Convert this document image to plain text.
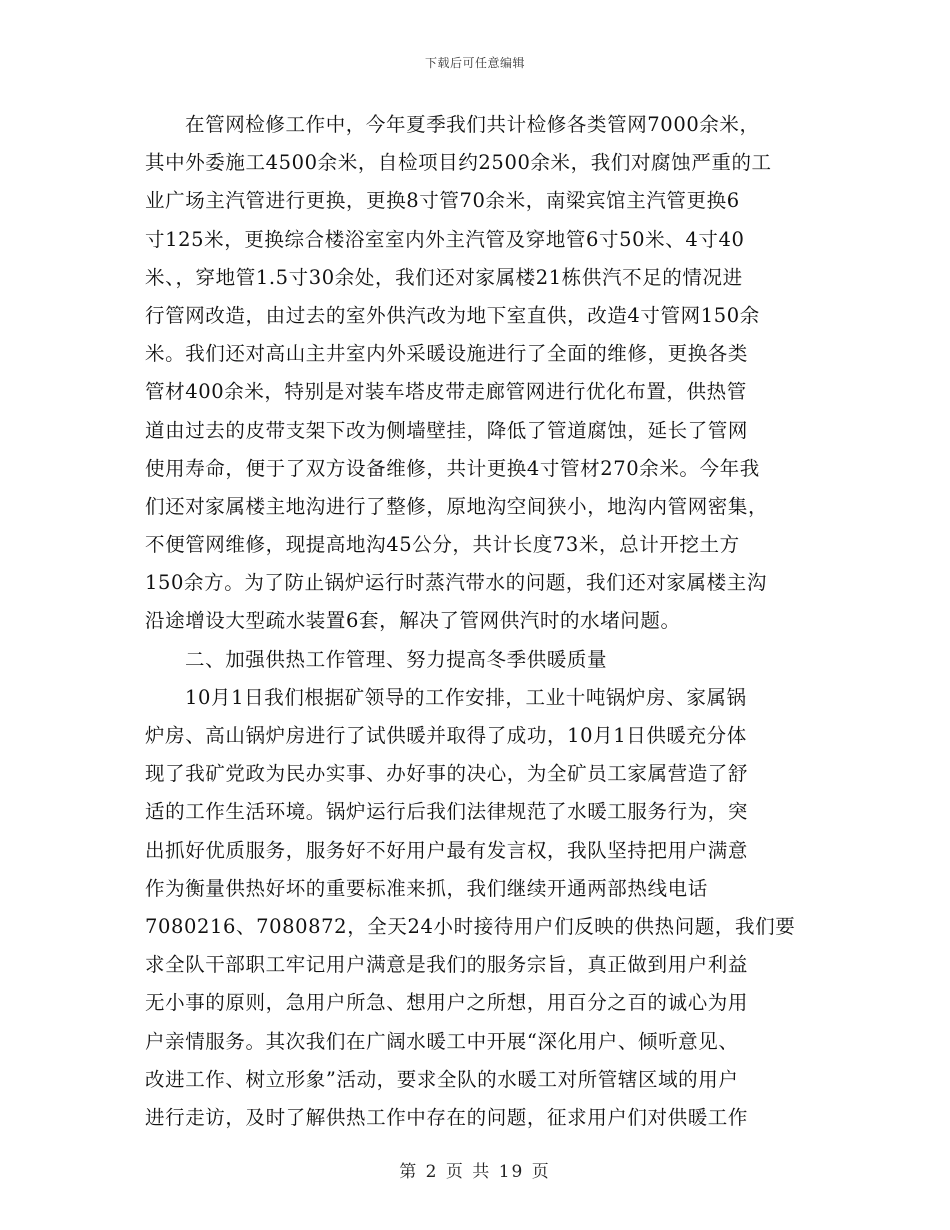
下载后可任意编辑
在管网检修工作中，今年夏季我们共计检修各类管网7000余米，
其中外委施工4500余米，自检项目约2500余米，我们对腐蚀严重的工
业广场主汽管进行更换，更换8寸管70余米，南梁宾馆主汽管更换6
寸125米，更换综合楼浴室室内外主汽管及穿地管6寸50米、4寸40
米、，穿地管1.5寸30余处，我们还对家属楼21栋供汽不足的情况进
行管网改造，由过去的室外供汽改为地下室直供，改造4寸管网150余
米。我们还对高山主井室内外采暖设施进行了全面的维修，更换各类
管材400余米，特别是对装车塔皮带走廊管网进行优化布置，供热管
道由过去的皮带支架下改为侧墙壁挂，降低了管道腐蚀，延长了管网
使用寿命，便于了双方设备维修，共计更换4寸管材270余米。今年我
们还对家属楼主地沟进行了整修，原地沟空间狭小，地沟内管网密集，
不便管网维修，现提高地沟45公分，共计长度73米，总计开挖土方
150余方。为了防止锅炉运行时蒸汽带水的问题，我们还对家属楼主沟
沿途增设大型疏水装置6套，解决了管网供汽时的水堵问题。
二、加强供热工作管理、努力提高冬季供暖质量
10月1日我们根据矿领导的工作安排，工业十吨锅炉房、家属锅
炉房、高山锅炉房进行了试供暖并取得了成功，10月1日供暖充分体
现了我矿党政为民办实事、办好事的决心，为全矿员工家属营造了舒
适的工作生活环境。锅炉运行后我们法律规范了水暖工服务行为，突
出抓好优质服务，服务好不好用户最有发言权，我队坚持把用户满意
作为衡量供热好坏的重要标准来抓，我们继续开通两部热线电话
7080216、7080872，全天24小时接待用户们反映的供热问题，我们要
求全队干部职工牢记用户满意是我们的服务宗旨，真正做到用户利益
无小事的原则，急用户所急、想用户之所想，用百分之百的诚心为用
户亲情服务。其次我们在广阔水暖工中开展“深化用户、倾听意见、
改进工作、树立形象”活动，要求全队的水暖工对所管辖区域的用户
进行走访，及时了解供热工作中存在的问题，征求用户们对供暖工作
第 2 页 共 19 页
